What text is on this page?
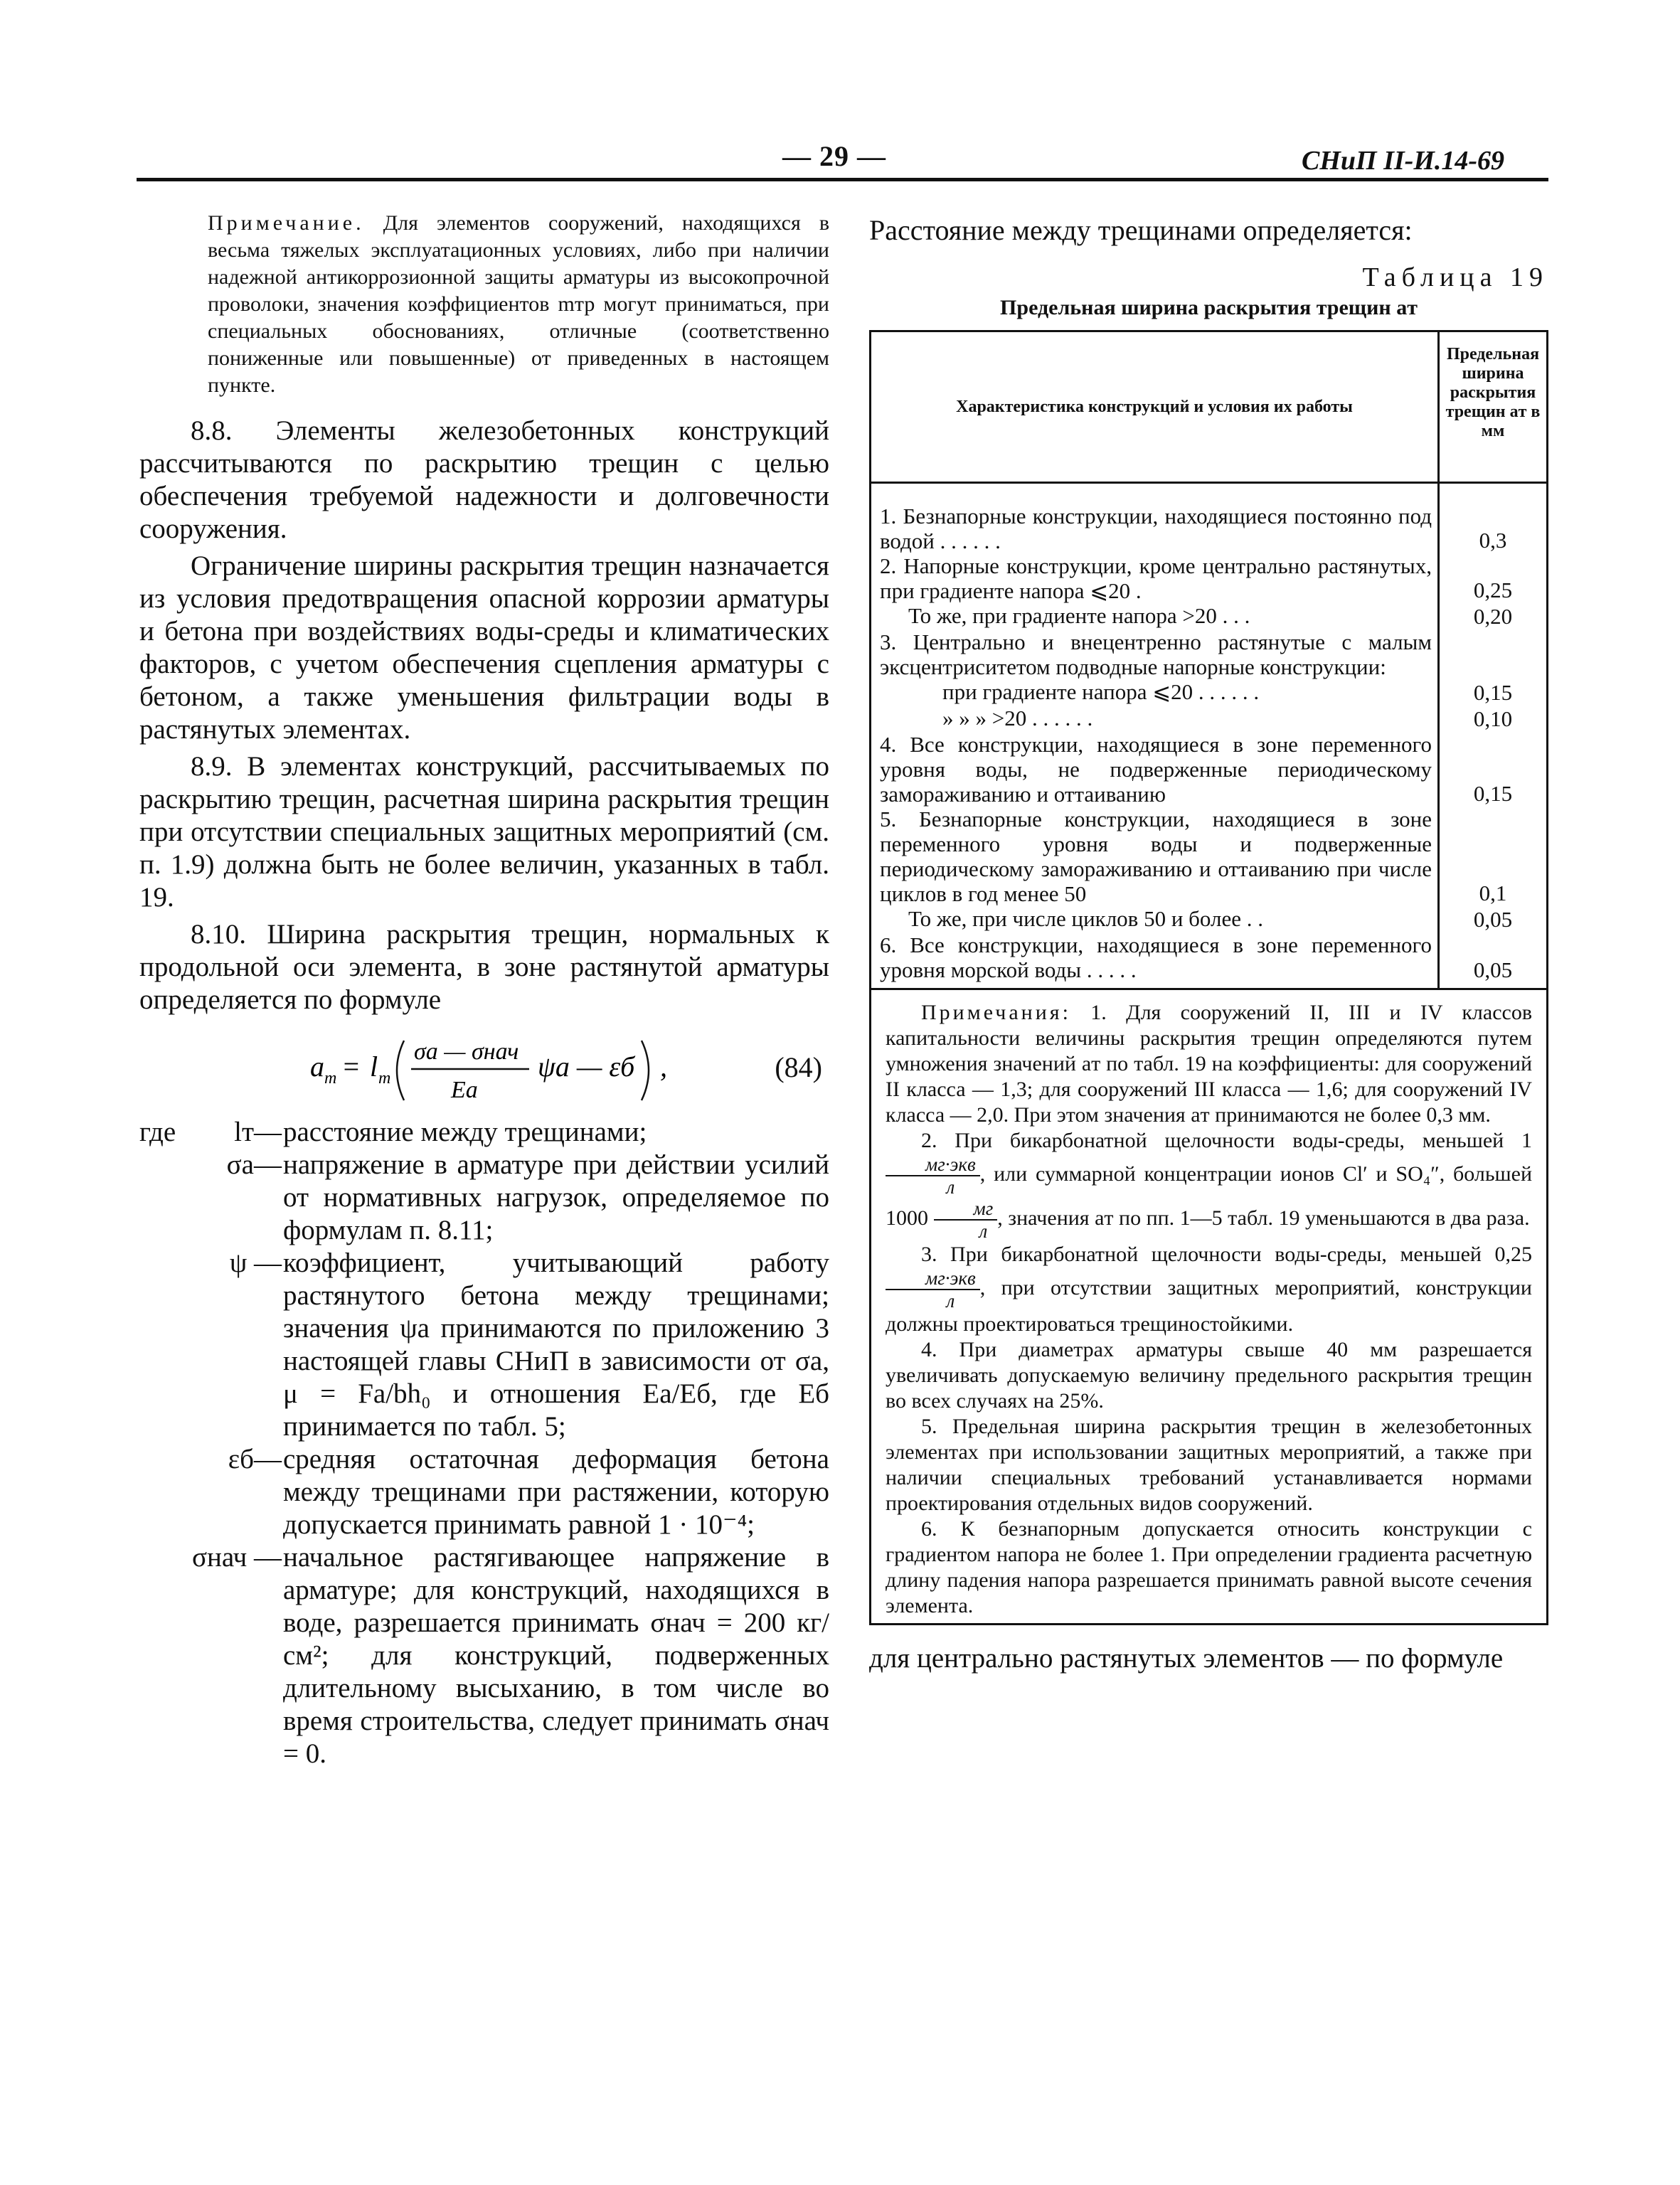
— 29 —	СНиП II-И.14-69

Примечание. Для элементов сооружений, находящихся в весьма тяжелых эксплуатационных условиях, либо при наличии надежной антикоррозионной защиты арматуры из высокопрочной проволоки, значения коэффициентов mтр могут приниматься, при специальных обоснованиях, отличные (соответственно пониженные или повышенные) от приведенных в настоящем пункте.

8.8. Элементы железобетонных конструкций рассчитываются по раскрытию трещин с целью обеспечения требуемой надежности и долговечности сооружения.

Ограничение ширины раскрытия трещин назначается из условия предотвращения опасной коррозии арматуры и бетона при воздействиях воды-среды и климатических факторов, с учетом обеспечения сцепления арматуры с бетоном, а также уменьшения фильтрации воды в растянутых элементах.

8.9. В элементах конструкций, рассчитываемых по раскрытию трещин, расчетная ширина раскрытия трещин при отсутствии специальных защитных мероприятий (см. п. 1.9) должна быть не более величин, указанных в табл. 19.

8.10. Ширина раскрытия трещин, нормальных к продольной оси элемента, в зоне растянутой арматуры определяется по формуле

a т = l т
σа — σнач
Eа
ψа — εб ,	(84)
где	lт— расстояние между трещинами;
σа— напряжение в арматуре при действии усилий от нормативных нагрузок, определяемое по формулам п. 8.11;
ψ — коэффициент, учитывающий работу растянутого бетона между трещинами; значения ψа принимаются по приложению 3 настоящей главы СНиП в зависимости от σа, μ = Fа/bh₀ и отношения Eа/Eб, где Eб принимается по табл. 5;
εб— средняя остаточная деформация бетона между трещинами при растяжении, которую допускается принимать равной 1 · 10⁻⁴;
σнач — начальное растягивающее напряжение в арматуре; для конструкций, находящихся в воде, разрешается принимать σнач = 200 кг/см²; для конструкций, подверженных длительному высыханию, в том числе во время строительства, следует принимать σнач = 0.

Расстояние между трещинами определяется:

Таблица 19

Предельная ширина раскрытия трещин aт

Характеристика конструкций и условия их работы	Предельная ширина раскрытия трещин aт в мм

1. Безнапорные конструкции, находящиеся постоянно под водой . . . . . .	0,3
2. Напорные конструкции, кроме центрально растянутых, при градиенте напора ⩽20 .	0,25
То же, при градиенте напора >20 . . .	0,20
3. Центрально и внецентренно растянутые с малым эксцентриситетом подводные напорные конструкции:	
при градиенте напора ⩽20 . . . . . .	0,15
» » » >20 . . . . . .	0,10
4. Все конструкции, находящиеся в зоне переменного уровня воды, не подверженные периодическому замораживанию и оттаиванию	0,15
5. Безнапорные конструкции, находящиеся в зоне переменного уровня воды и подверженные периодическому замораживанию и оттаиванию при числе циклов в год менее 50	0,1
То же, при числе циклов 50 и более . .	0,05
6. Все конструкции, находящиеся в зоне переменного уровня морской воды . . . . .	0,05

Примечания: 1. Для сооружений II, III и IV классов капитальности величины раскрытия трещин определяются путем умножения значений aт по табл. 19 на коэффициенты: для сооружений II класса — 1,3; для сооружений III класса — 1,6; для сооружений IV класса — 2,0. При этом значения aт принимаются не более 0,3 мм.

2. При бикарбонатной щелочности воды-среды, меньшей 1
$\frac{\text{мг·экв}}{л}$ , или суммарной концентрации ионов Cl′ и SO₄″, большей $1000 \frac{мг}{л}$ , значения aт по пп. 1—5 табл. 19 уменьшаются в два раза.

3. При бикарбонатной щелочности воды-среды, меньшей 0,25
$\frac{\text{мг·экв}}{л}$ , при отсутствии защитных мероприятий, конструкции должны проектироваться трещиностойкими.

4. При диаметрах арматуры свыше 40 мм разрешается увеличивать допускаемую величину предельного раскрытия трещин во всех случаях на 25%.

5. Предельная ширина раскрытия трещин в железобетонных элементах при использовании защитных мероприятий, а также при наличии специальных требований устанавливается нормами проектирования отдельных видов сооружений.

6. К безнапорным допускается относить конструкции с градиентом напора не более 1. При определении градиента расчетную длину падения напора разрешается принимать равной высоте сечения элемента.

для центрально растянутых элементов — по формуле
